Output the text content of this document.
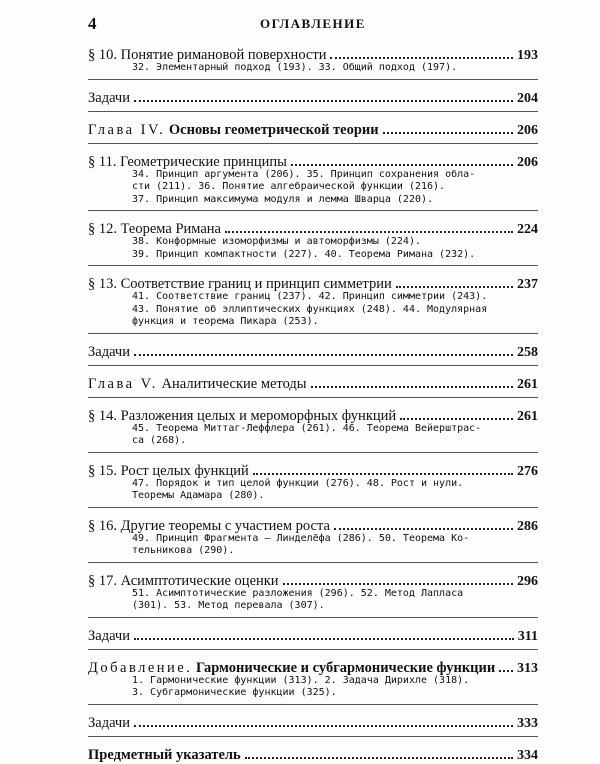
4	ОГЛАВЛЕНИЕ
§ 10. Понятие римановой поверхности	193
32. Элементарный подход (193). 33. Общий подход (197).
Задачи	204
Глава IV. Основы геометрической теории	206
§ 11. Геометрические принципы	206
34. Принцип аргумента (206). 35. Принцип сохранения обла-
сти (211). 36. Понятие алгебраической функции (216).
37. Принцип максимума модуля и лемма Шварца (220).
§ 12. Теорема Римана	224
38. Конформные изоморфизмы и автоморфизмы (224).
39. Принцип компактности (227). 40. Теорема Римана (232).
§ 13. Соответствие границ и принцип симметрии	237
41. Соответствие границ (237). 42. Принцип симметрии (243).
43. Понятие об эллиптических функциях (248). 44. Модулярная
функция и теорема Пикара (253).
Задачи	258
Глава V. Аналитические методы	261
§ 14. Разложения целых и мероморфных функций	261
45. Теорема Миттаг-Леффлера (261). 46. Теорема Вейерштрас-
са (268).
§ 15. Рост целых функций	276
47. Порядок и тип целой функции (276). 48. Рост и нули.
Теоремы Адамара (280).
§ 16. Другие теоремы с участием роста	286
49. Принцип Фрагмента — Линделёфа (286). 50. Теорема Ко-
тельникова (290).
§ 17. Асимптотические оценки	296
51. Асимптотические разложения (296). 52. Метод Лапласа
(301). 53. Метод перевала (307).
Задачи	311
Добавление. Гармонические и субгармонические функции 313
1. Гармонические функции (313). 2. Задача Дирихле (318).
3. Субгармонические функции (325).
Задачи	333
Предметный указатель	334
